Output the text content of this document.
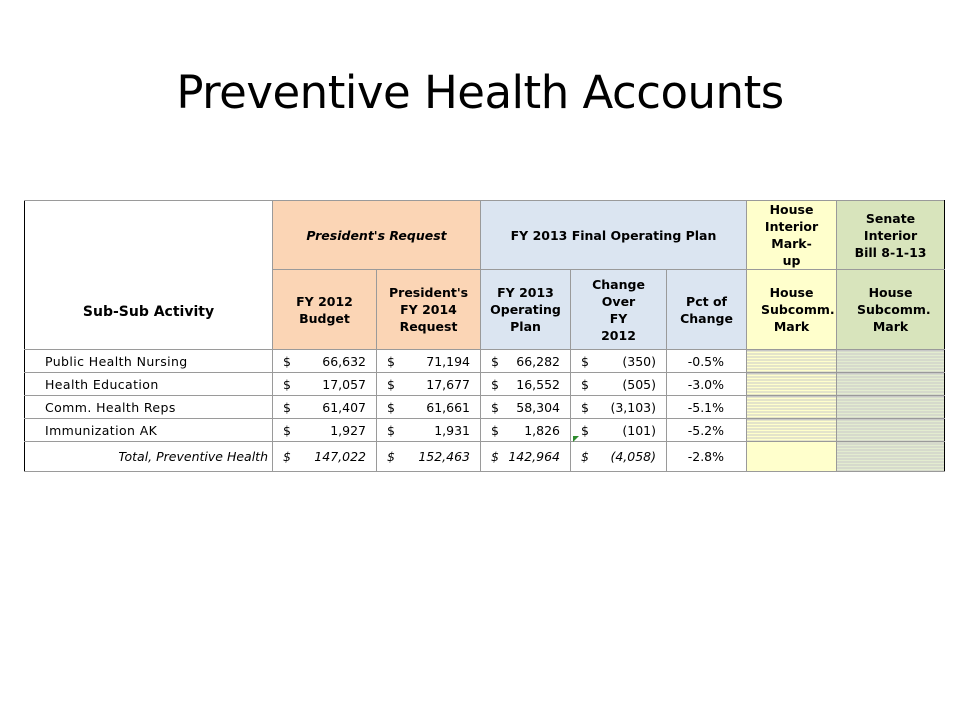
Preventive Health Accounts
Sub-Sub Activity	President's Request		FY 2013 Final Operating Plan			House Interior Mark-up	Senate Interior Bill 8-1-13
	FY 2012 Budget	President's FY 2014 Request	FY 2013 Operating Plan	Change Over FY 2012	Pct of Change	House Subcomm. Mark	House Subcomm. Mark
Public Health Nursing	$ 66,632	$ 71,194	$ 66,282	$ (350)	-0.5%		
Health Education	$ 17,057	$ 17,677	$ 16,552	$ (505)	-3.0%		
Comm. Health Reps	$ 61,407	$ 61,661	$ 58,304	$ (3,103)	-5.1%		
Immunization AK	$ 1,927	$ 1,931	$ 1,826	$ (101)	-5.2%		
Total, Preventive Health	$ 147,022	$ 152,463	$ 142,964	$ (4,058)	-2.8%		
